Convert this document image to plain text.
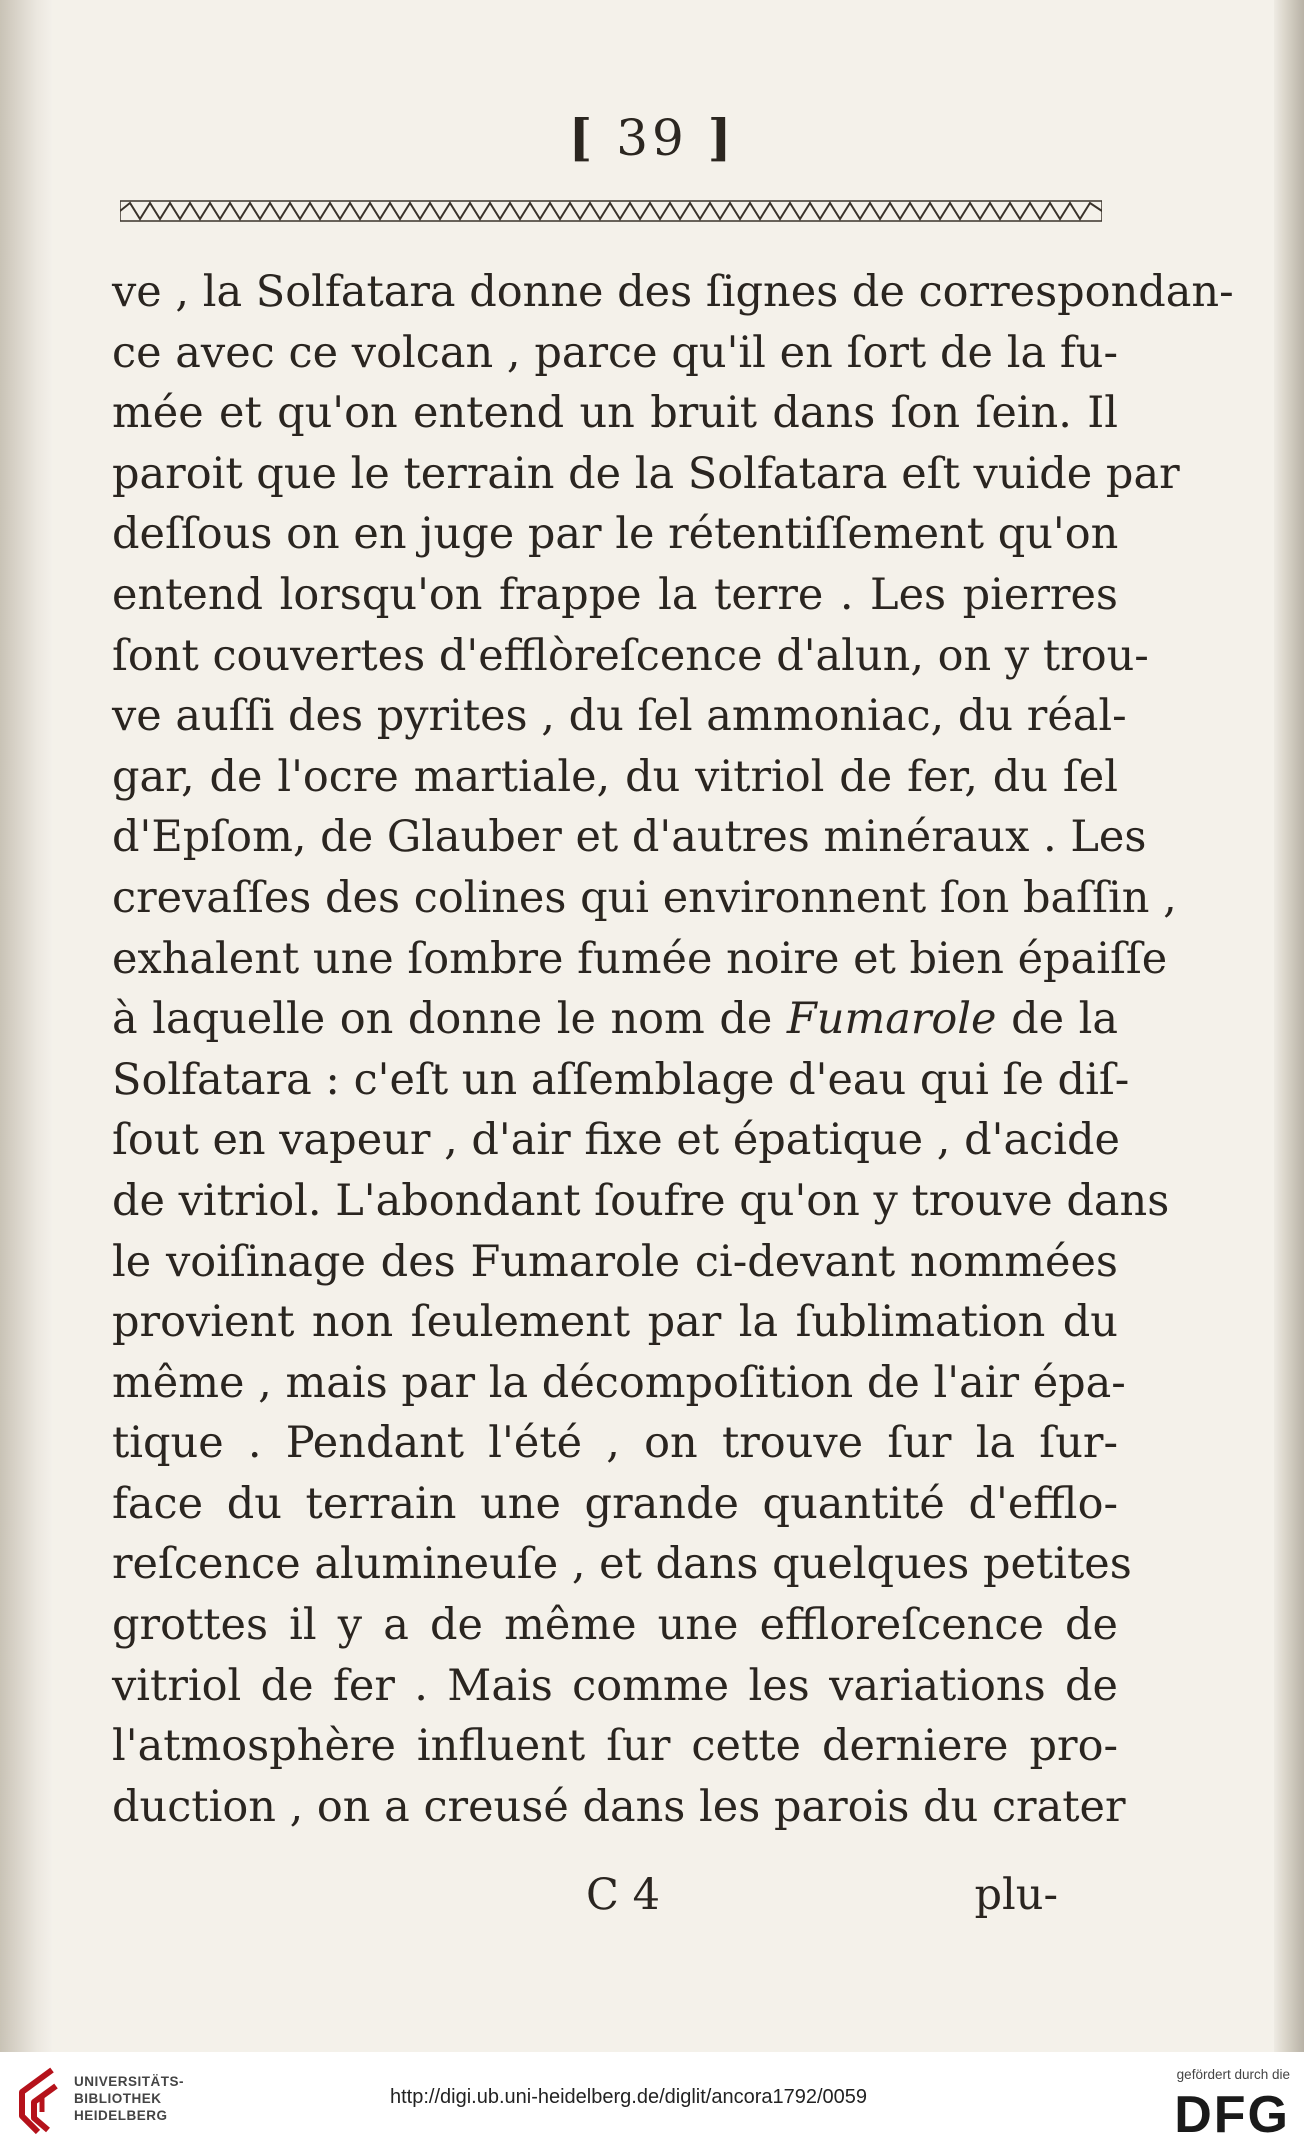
[ 39 ]
ve , la Solfatara donne des ſignes de correspondan-
ce avec ce volcan , parce qu'il en ſort de la fu-
mée et qu'on entend un bruit dans ſon ſein. Il
paroit que le terrain de la Solfatara eſt vuide par
deſſous on en juge par le rétentiſſement qu'on
entend lorsqu'on frappe la terre . Les pierres
ſont couvertes d'efflòreſcence d'alun, on y trou-
ve auſſi des pyrites , du ſel ammoniac, du réal-
gar, de l'ocre martiale, du vitriol de fer, du ſel
d'Epſom, de Glauber et d'autres minéraux . Les
crevaſſes des colines qui environnent ſon baſſin ,
exhalent une ſombre fumée noire et bien épaiſſe
à laquelle on donne le nom de Fumarole de la
Solfatara : c'eſt un aſſemblage d'eau qui ſe diſ-
ſout en vapeur , d'air fixe et épatique , d'acide
de vitriol. L'abondant ſoufre qu'on y trouve dans
le voiſinage des Fumarole ci-devant nommées
provient non ſeulement par la ſublimation du
même , mais par la décompoſition de l'air épa-
tique . Pendant l'été , on trouve ſur la ſur-
face du terrain une grande quantité d'efflo-
reſcence alumineuſe , et dans quelques petites
grottes il y a de même une effloreſcence de
vitriol de fer . Mais comme les variations de
l'atmosphère influent ſur cette derniere pro-
duction , on a creusé dans les parois du crater
C 4	plu-
UNIVERSITÄTS-
BIBLIOTHEK
HEIDELBERG
http://digi.ub.uni-heidelberg.de/diglit/ancora1792/0059
gefördert durch die
DFG
